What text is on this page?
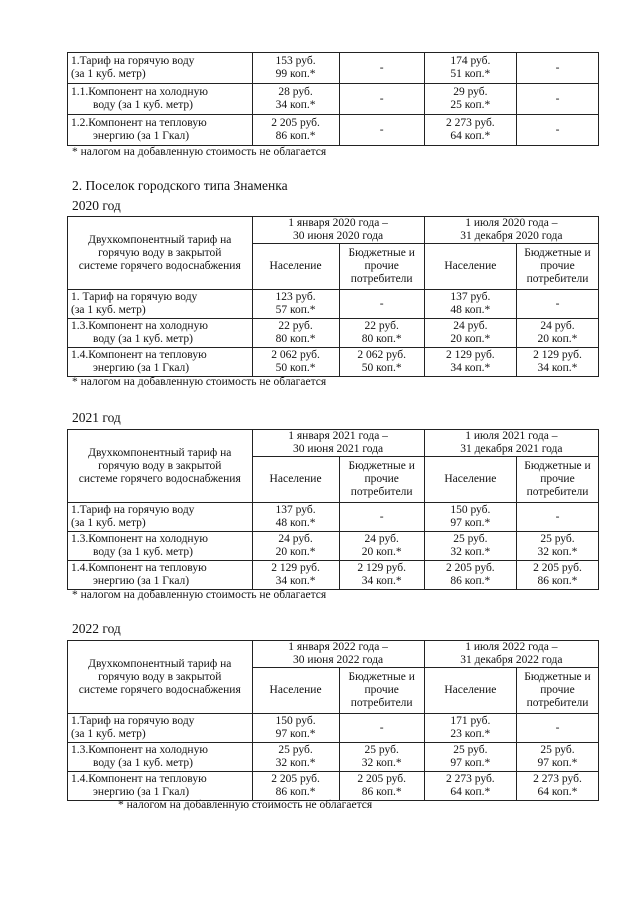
1.Тариф на горячую воду
(за 1 куб. метр)	153 руб.
99 коп.*	-	174 руб.
51 коп.*	-

1.1.Компонент на холодную
воду (за 1 куб. метр)	28 руб.
34 коп.*	-	29 руб.
25 коп.*	-

1.2.Компонент на тепловую
энергию (за 1 Гкал)	2 205 руб.
86 коп.*	-	2 273 руб.
64 коп.*	-
* налогом на добавленную стоимость не облагается
2. Поселок городского типа Знаменка
2020 год
Двухкомпонентный тариф на
горячую воду в закрытой
системе горячего водоснабжения	1 января 2020 года –
30 июня 2020 года		1 июля 2020 года –
31 декабря 2020 года	

	Население	Бюджетные и
прочие
потребители	Население	Бюджетные и
прочие
потребители

1. Тариф на горячую воду
(за 1 куб. метр)	123 руб.
57 коп.*	-	137 руб.
48 коп.*	-

1.3.Компонент на холодную
воду (за 1 куб. метр)	22 руб.
80 коп.*	22 руб.
80 коп.*	24 руб.
20 коп.*	24 руб.
20 коп.*

1.4.Компонент на тепловую
энергию (за 1 Гкал)	2 062 руб.
50 коп.*	2 062 руб.
50 коп.*	2 129 руб.
34 коп.*	2 129 руб.
34 коп.*
* налогом на добавленную стоимость не облагается
2021 год
Двухкомпонентный тариф на
горячую воду в закрытой
системе горячего водоснабжения	1 января 2021 года –
30 июня 2021 года		1 июля 2021 года –
31 декабря 2021 года	

	Население	Бюджетные и
прочие
потребители	Население	Бюджетные и
прочие
потребители

1.Тариф на горячую воду
(за 1 куб. метр)	137 руб.
48 коп.*	-	150 руб.
97 коп.*	-

1.3.Компонент на холодную
воду (за 1 куб. метр)	24 руб.
20 коп.*	24 руб.
20 коп.*	25 руб.
32 коп.*	25 руб.
32 коп.*

1.4.Компонент на тепловую
энергию (за 1 Гкал)	2 129 руб.
34 коп.*	2 129 руб.
34 коп.*	2 205 руб.
86 коп.*	2 205 руб.
86 коп.*
* налогом на добавленную стоимость не облагается
2022 год
Двухкомпонентный тариф на
горячую воду в закрытой
системе горячего водоснабжения	1 января 2022 года –
30 июня 2022 года		1 июля 2022 года –
31 декабря 2022 года	

	Население	Бюджетные и
прочие
потребители	Население	Бюджетные и
прочие
потребители

1.Тариф на горячую воду
(за 1 куб. метр)	150 руб.
97 коп.*	-	171 руб.
23 коп.*	-

1.3.Компонент на холодную
воду (за 1 куб. метр)	25 руб.
32 коп.*	25 руб.
32 коп.*	25 руб.
97 коп.*	25 руб.
97 коп.*

1.4.Компонент на тепловую
энергию (за 1 Гкал)	2 205 руб.
86 коп.*	2 205 руб.
86 коп.*	2 273 руб.
64 коп.*	2 273 руб.
64 коп.*
* налогом на добавленную стоимость не облагается
